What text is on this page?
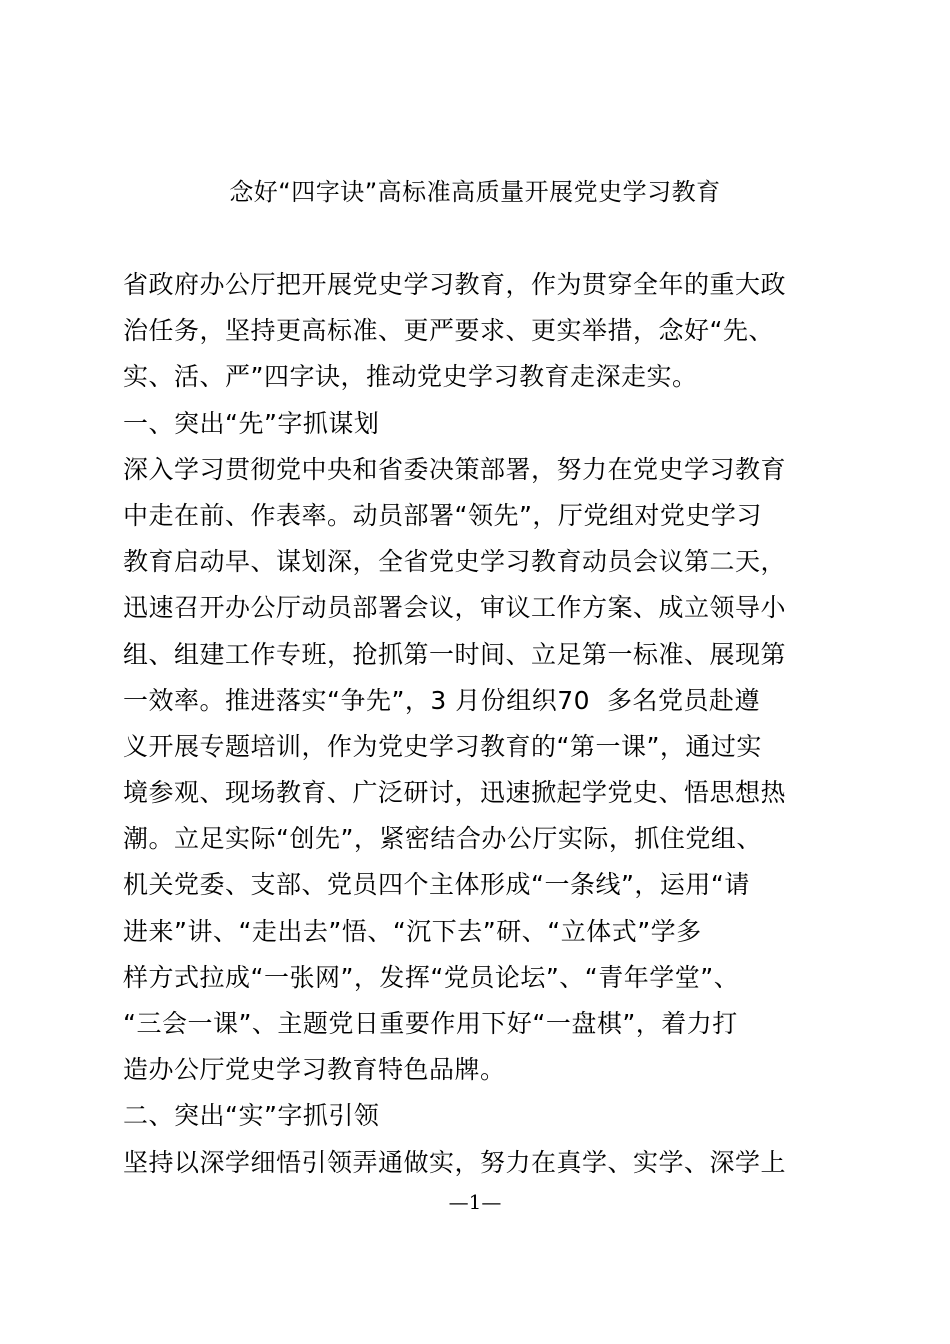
念好“四字诀”高标准高质量开展党史学习教育
省政府办公厅把开展党史学习教育，作为贯穿全年的重大政
治任务，坚持更高标准、更严要求、更实举措，念好“先、
实、活、严”四字诀，推动党史学习教育走深走实。
一、突出“先”字抓谋划
深入学习贯彻党中央和省委决策部署，努力在党史学习教育
中走在前、作表率。动员部署“领先”，厅党组对党史学习
教育启动早、谋划深，全省党史学习教育动员会议第二天，
迅速召开办公厅动员部署会议，审议工作方案、成立领导小
组、组建工作专班，抢抓第一时间、立足第一标准、展现第
一效率。推进落实“争先”，3 月份组织70  多名党员赴遵
义开展专题培训，作为党史学习教育的“第一课”，通过实
境参观、现场教育、广泛研讨，迅速掀起学党史、悟思想热
潮。立足实际“创先”，紧密结合办公厅实际，抓住党组、
机关党委、支部、党员四个主体形成“一条线”，运用“请
进来”讲、“走出去”悟、“沉下去”研、“立体式”学多
样方式拉成“一张网”，发挥“党员论坛”、“青年学堂”、
“三会一课”、主题党日重要作用下好“一盘棋”，着力打
造办公厅党史学习教育特色品牌。
二、突出“实”字抓引领
坚持以深学细悟引领弄通做实，努力在真学、实学、深学上
—1—
